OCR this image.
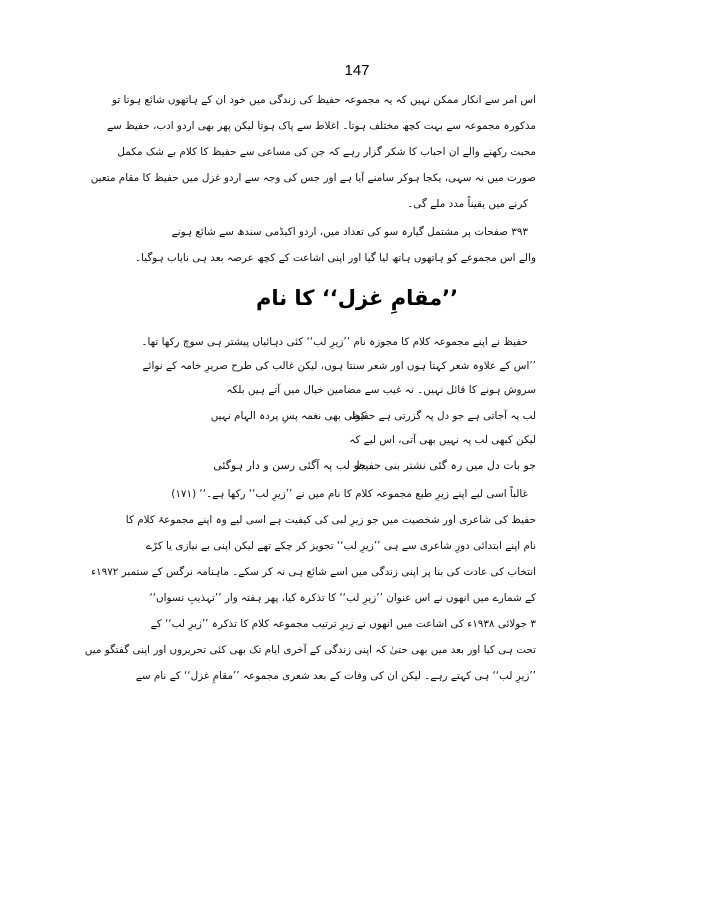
147
اس امر سے انکار ممکن نہیں کہ یہ مجموعہ حفیظ کی زندگی میں خود ان کے ہاتھوں شائع ہوتا تو
مذکورہ مجموعہ سے بہت کچھ مختلف ہوتا۔ اغلاط سے پاک ہوتا لیکن پھر بھی اردو ادب، حفیظ سے
محبت رکھنے والے ان احباب کا شکر گزار رہے کہ جن کی مساعی سے حفیظ کا کلام بے شک مکمل
صورت میں نہ سہی، یکجا ہوکر سامنے آیا ہے اور جس کی وجہ سے اردو غزل میں حفیظ کا مقام متعین
کرنے میں یقیناً مدد ملے گی۔
۳۹۳ صفحات پر مشتمل گیارہ سو کی تعداد میں، اردو اکیڈمی سندھ سے شائع ہونے
والے اس مجموعے کو ہاتھوں ہاتھ لیا گیا اور اپنی اشاعت کے کچھ عرصہ بعد ہی نایاب ہوگیا۔
’’مقامِ غزل‘‘ کا نام
حفیظ نے اپنے مجموعہ کلام کا مجوزہ نام ’’زیرِ لب‘‘ کئی دہائیاں پیشتر ہی سوچ رکھا تھا۔
’’اس کے علاوہ شعر کہتا ہوں اور شعر سنتا ہوں، لیکن غالب کی طرح صریرِ خامہ کے نوائے
سروش ہونے کا قائل نہیں۔ نہ غیب سے مضامین خیال میں آتے ہیں بلکہ
لب پہ آجاتی ہے جو دل پہ گزرتی ہے حفیظ
کوئی بھی نغمہ پسِ پردہ الہام نہیں
لیکن کبھی لب پہ نہیں بھی آتی، اس لیے کہ
جو بات دل میں رہ گئی نشتر بنی حفیظ
جو لب پہ آگئی رسن و دار ہوگئی
غالباً اسی لیے اپنے زیرِ طبع مجموعہ کلام کا نام میں نے ’’زیرِ لب‘‘ رکھا ہے۔‘‘ (۱۷۱)
حفیظ کی شاعری اور شخصیت میں جو زیرِ لبی کی کیفیت ہے اسی لیے وہ اپنے مجموعۂ کلام کا
نام اپنے ابتدائی دورِ شاعری سے ہی ’’زیرِ لب‘‘ تجویز کر چکے تھے لیکن اپنی بے نیازی یا کڑے
انتخاب کی عادت کی بنا پر اپنی زندگی میں اسے شائع ہی نہ کر سکے۔ ماہنامہ نرگس کے ستمبر ۱۹۷۲ء
کے شمارے میں انھوں نے اس عنوان ’’زیرِ لب‘‘ کا تذکرہ کیا، پھر ہفتہ وار ’’تہذیبِ نسواں‘‘
۳ جولائی ۱۹۳۸ء کی اشاعت میں انھوں نے زیرِ ترتیب مجموعہ کلام کا تذکرہ ’’زیرِ لب‘‘ کے
تحت ہی کیا اور بعد میں بھی حتیٰ کہ اپنی زندگی کے آخری ایام تک بھی کئی تحریروں اور اپنی گفتگو میں
’’زیرِ لب‘‘ ہی کہتے رہے۔ لیکن ان کی وفات کے بعد شعری مجموعہ ’’مقامِ غزل‘‘ کے نام سے
